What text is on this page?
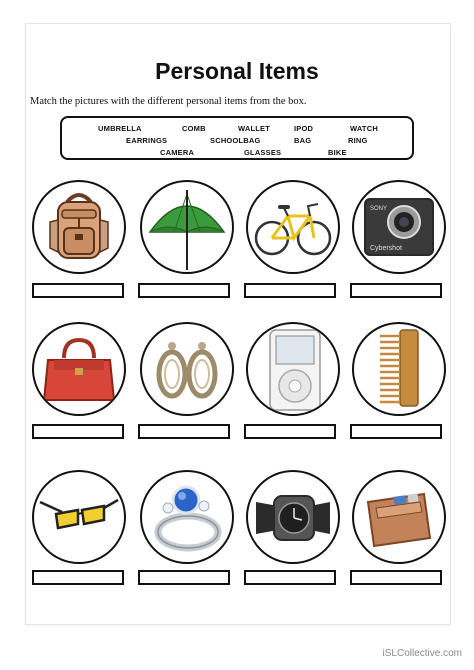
Personal Items
Match the pictures with the different personal items from the box.
UMBRELLA	COMB	WALLET	IPOD	WATCH
EARRINGS	SCHOOLBAG	BAG	RING
CAMERA	GLASSES	BIKE
SONY
Cybershot
iSLCollective.com
